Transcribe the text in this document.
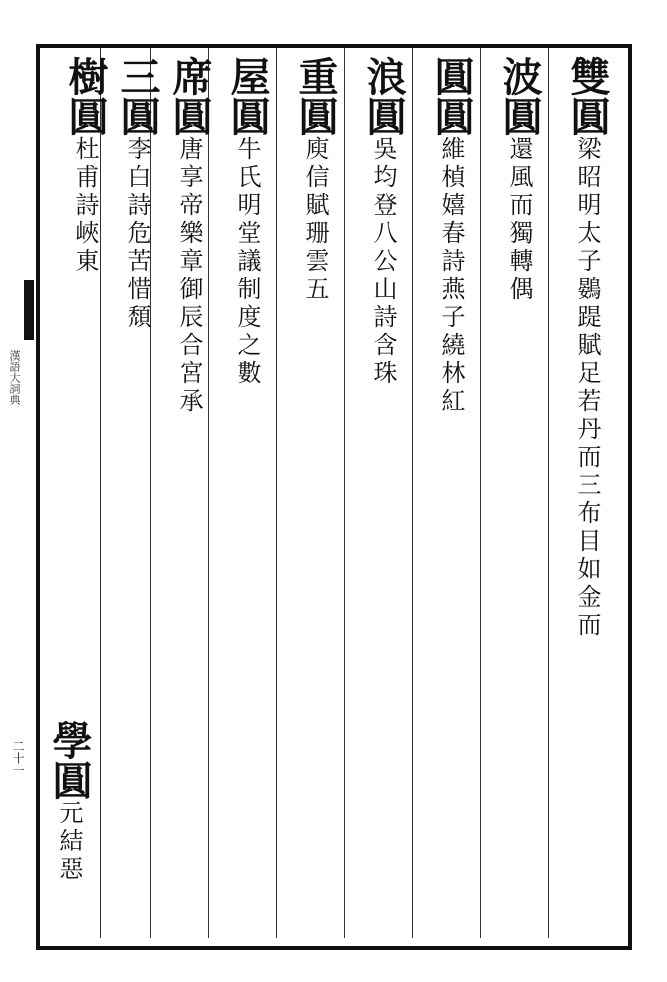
漢語大詞典
二十一
雙圓
梁昭明太子鷃踶賦足若丹而三布目如金而
波圓
還風而獨轉偶
圓圓
維楨嬉春詩燕子繞林紅
浪圓
吳均登八公山詩含珠
重圓
庾信賦珊雲五
屋圓
牛氏明堂議制度之數
席圓
唐享帝樂章御辰合宮承
三圓
李白詩危苦惜頹
樹圓
杜甫詩峽東
學圓
元結惡
